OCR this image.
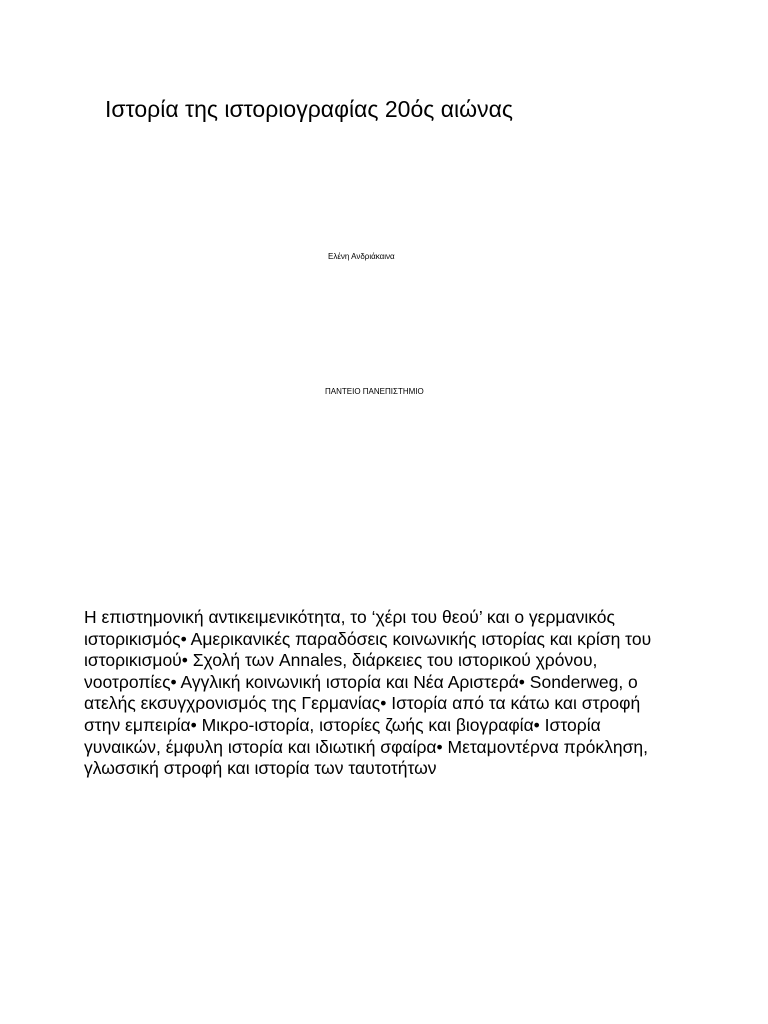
Ιστορία της ιστοριογραφίας 20ός αιώνας
Ελένη Ανδριάκαινα
ΠΑΝΤΕΙΟ ΠΑΝΕΠΙΣΤΗΜΙΟ

Η επιστημονική αντικειμενικότητα, το ‘χέρι του θεού’ και ο γερμανικός
ιστορικισμός• Αμερικανικές παραδόσεις κοινωνικής ιστορίας και κρίση του
ιστορικισμού• Σχολή των Annales, διάρκειες του ιστορικού χρόνου,
νοοτροπίες• Αγγλική κοινωνική ιστορία και Νέα Αριστερά• Sonderweg, ο
ατελής εκσυγχρονισμός της Γερμανίας• Ιστορία από τα κάτω και στροφή
στην εμπειρία• Μικρο-ιστορία, ιστορίες ζωής και βιογραφία• Ιστορία
γυναικών, έμφυλη ιστορία και ιδιωτική σφαίρα• Μεταμοντέρνα πρόκληση,
γλωσσική στροφή και ιστορία των ταυτοτήτων
